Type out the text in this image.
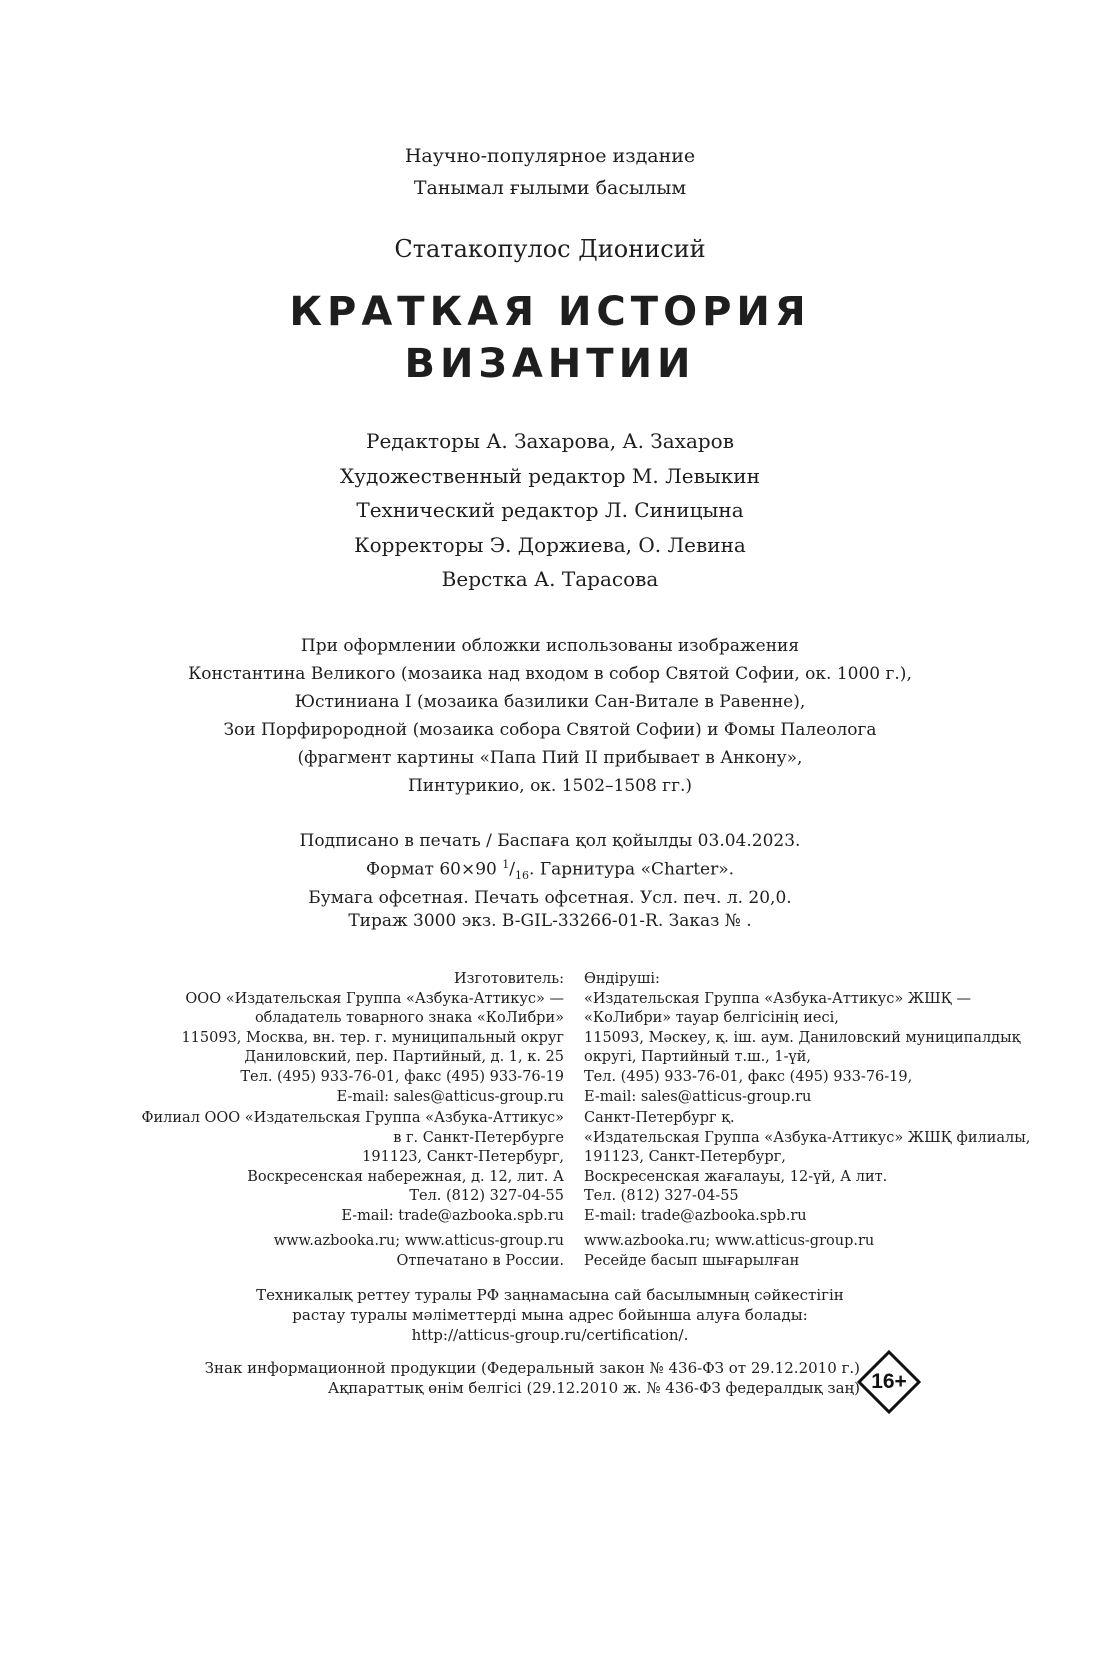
Научно-популярное издание
Танымал ғылыми басылым
Статакопулос Дионисий
КРАТКАЯ ИСТОРИЯ
ВИЗАНТИИ
Редакторы А. Захарова, А. Захаров
Художественный редактор М. Левыкин
Технический редактор Л. Синицына
Корректоры Э. Доржиева, О. Левина
Верстка А. Тарасова
При оформлении обложки использованы изображения
Константина Великого (мозаика над входом в собор Святой Софии, ок. 1000 г.),
Юстиниана I (мозаика базилики Сан-Витале в Равенне),
Зои Порфирородной (мозаика собора Святой Софии) и Фомы Палеолога
(фрагмент картины «Папа Пий II прибывает в Анкону»,
Пинтурикио, ок. 1502–1508 гг.)
Подписано в печать / Баспаға қол қойылды 03.04.2023.
Формат 60×90 $^1/_{16}$. Гарнитура «Charter».
Бумага офсетная. Печать офсетная. Усл. печ. л. 20,0.
Тираж 3000 экз. B-GIL-33266-01-R. Заказ № .
Изготовитель:
ООО «Издательская Группа «Азбука-Аттикус» —
обладатель товарного знака «КоЛибри»
115093, Москва, вн. тер. г. муниципальный округ
Даниловский, пер. Партийный, д. 1, к. 25
Тел. (495) 933-76-01, факс (495) 933-76-19
E-mail: sales@atticus-group.ru
Өндіруші:
«Издательская Группа «Азбука-Аттикус» ЖШҚ —
«КоЛибри» тауар белгісінің иесі,
115093, Мәскеу, қ. іш. аум. Даниловский муниципалдық
округі, Партийный т.ш., 1-үй,
Тел. (495) 933-76-01, факс (495) 933-76-19,
E-mail: sales@atticus-group.ru
Филиал ООО «Издательская Группа «Азбука-Аттикус»
в г. Санкт-Петербурге
191123, Санкт-Петербург,
Воскресенская набережная, д. 12, лит. А
Тел. (812) 327-04-55
E-mail: trade@azbooka.spb.ru
Санкт-Петербург қ.
«Издательская Группа «Азбука-Аттикус» ЖШҚ филиалы,
191123, Санкт-Петербург,
Воскресенская жағалауы, 12-үй, А лит.
Тел. (812) 327-04-55
E-mail: trade@azbooka.spb.ru
www.azbooka.ru; www.atticus-group.ru
Отпечатано в России.
www.azbooka.ru; www.atticus-group.ru
Ресейде басып шығарылған
Техникалық реттеу туралы РФ заңнамасына сай басылымның сәйкестігін
растау туралы мәліметтерді мына адрес бойынша алуға болады:
http://atticus-group.ru/certification/.
Знак информационной продукции (Федеральный закон № 436-ФЗ от 29.12.2010 г.)
Ақпараттық өнім белгісі (29.12.2010 ж. № 436-ФЗ федералдық заң) 16+
